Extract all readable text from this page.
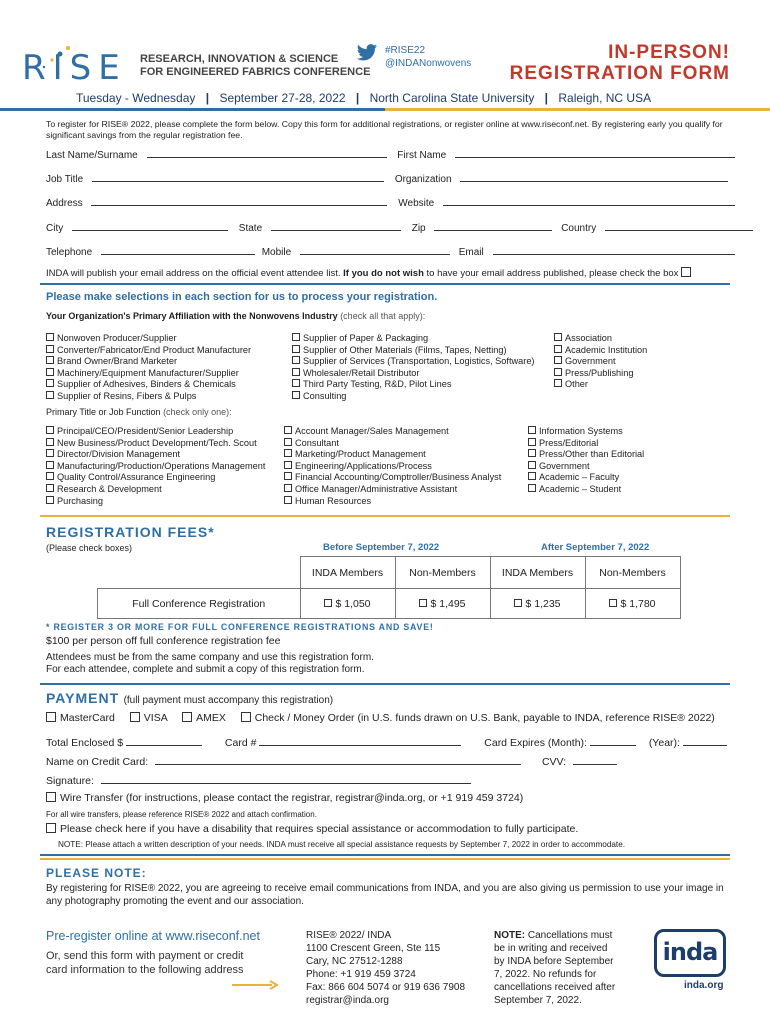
RISE RESEARCH, INNOVATION & SCIENCE
FOR ENGINEERED FABRICS CONFERENCE
#RISE22
@INDANonwovens
IN-PERSON!
REGISTRATION FORM
Tuesday - Wednesday | September 27-28, 2022 | North Carolina State University | Raleigh, NC USA
To register for RISE® 2022, please complete the form below. Copy this form for additional registrations, or register online at www.riseconf.net. By registering early you qualify for significant savings from the regular registration fee.
Last Name/Surname	First Name
Job Title	Organization
Address	Website
City	State	Zip	Country
Telephone	Mobile	Email
INDA will publish your email address on the official event attendee list. If you do not wish to have your email address published, please check the box
Please make selections in each section for us to process your registration.
Your Organization's Primary Affiliation with the Nonwovens Industry (check all that apply):
Nonwoven Producer/Supplier
Converter/Fabricator/End Product Manufacturer
Brand Owner/Brand Marketer
Machinery/Equipment Manufacturer/Supplier
Supplier of Adhesives, Binders & Chemicals
Supplier of Resins, Fibers & Pulps
Supplier of Paper & Packaging
Supplier of Other Materials (Films, Tapes, Netting)
Supplier of Services (Transportation, Logistics, Software)
Wholesaler/Retail Distributor
Third Party Testing, R&D, Pilot Lines
Consulting
Association
Academic Institution
Government
Press/Publishing
Other
Primary Title or Job Function (check only one):
Principal/CEO/President/Senior Leadership
New Business/Product Development/Tech. Scout
Director/Division Management
Manufacturing/Production/Operations Management
Quality Control/Assurance Engineering
Research & Development
Purchasing
Account Manager/Sales Management
Consultant
Marketing/Product Management
Engineering/Applications/Process
Financial Accounting/Comptroller/Business Analyst
Office Manager/Administrative Assistant
Human Resources
Information Systems
Press/Editorial
Press/Other than Editorial
Government
Academic – Faculty
Academic – Student
REGISTRATION FEES*
(Please check boxes)	Before September 7, 2022	After September 7, 2022
	INDA Members	Non-Members	INDA Members	Non-Members
Full Conference Registration	$ 1,050	$ 1,495	$ 1,235	$ 1,780
* REGISTER 3 OR MORE FOR FULL CONFERENCE REGISTRATIONS AND SAVE!
$100 per person off full conference registration fee
Attendees must be from the same company and use this registration form.
For each attendee, complete and submit a copy of this registration form.
PAYMENT (full payment must accompany this registration)
MasterCard	VISA	AMEX	Check / Money Order (in U.S. funds drawn on U.S. Bank, payable to INDA, reference RISE® 2022)
Total Enclosed $	Card #	Card Expires (Month):	(Year):
Name on Credit Card:	CVV:
Signature:
Wire Transfer (for instructions, please contact the registrar, registrar@inda.org, or +1 919 459 3724)
For all wire transfers, please reference RISE® 2022 and attach confirmation.
Please check here if you have a disability that requires special assistance or accommodation to fully participate.
NOTE: Please attach a written description of your needs. INDA must receive all special assistance requests by September 7, 2022 in order to accommodate.
PLEASE NOTE:
By registering for RISE® 2022, you are agreeing to receive email communications from INDA, and you are also giving us permission to use your image in any photography promoting the event and our association.
Pre-register online at www.riseconf.net
Or, send this form with payment or credit
card information to the following address
RISE® 2022/ INDA
1100 Crescent Green, Ste 115
Cary, NC 27512-1288
Phone: +1 919 459 3724
Fax: 866 604 5074 or 919 636 7908
registrar@inda.org
NOTE: Cancellations must
be in writing and received
by INDA before September
7, 2022. No refunds for
cancellations received after
September 7, 2022.
inda
inda.org
